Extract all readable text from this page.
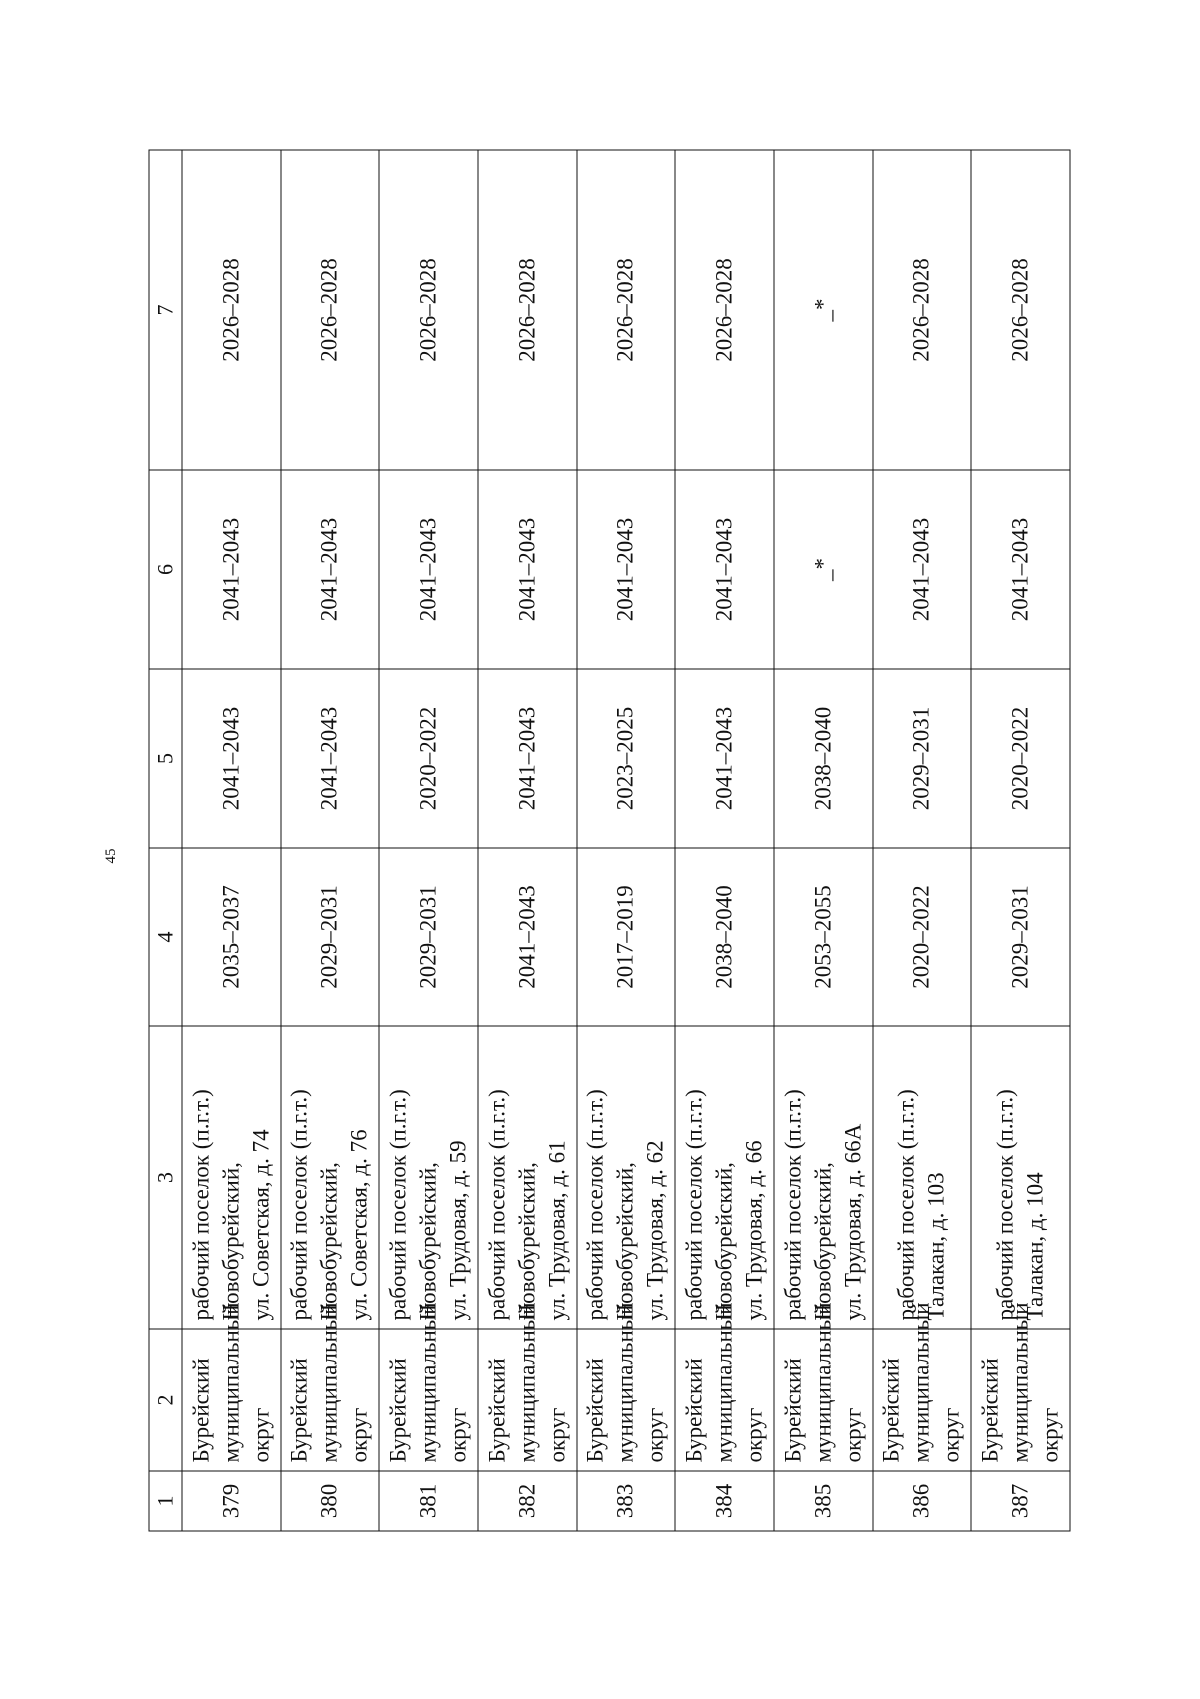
45
1	2	3	4	5	6	7
379	Бурейский муниципальный округ	рабочий поселок (п.г.т.) Новобурейский, ул. Советская, д. 74	2035–2037	2041–2043	2041–2043	2026–2028
380	Бурейский муниципальный округ	рабочий поселок (п.г.т.) Новобурейский, ул. Советская, д. 76	2029–2031	2041–2043	2041–2043	2026–2028
381	Бурейский муниципальный округ	рабочий поселок (п.г.т.) Новобурейский, ул. Трудовая, д. 59	2029–2031	2020–2022	2041–2043	2026–2028
382	Бурейский муниципальный округ	рабочий поселок (п.г.т.) Новобурейский, ул. Трудовая, д. 61	2041–2043	2041–2043	2041–2043	2026–2028
383	Бурейский муниципальный округ	рабочий поселок (п.г.т.) Новобурейский, ул. Трудовая, д. 62	2017–2019	2023–2025	2041–2043	2026–2028
384	Бурейский муниципальный округ	рабочий поселок (п.г.т.) Новобурейский, ул. Трудовая, д. 66	2038–2040	2041–2043	2041–2043	2026–2028
385	Бурейский муниципальный округ	рабочий поселок (п.г.т.) Новобурейский, ул. Трудовая, д. 66А	2053–2055	2038–2040	_*	_*
386	Бурейский муниципальный округ	рабочий поселок (п.г.т.) Талакан, д. 103	2020–2022	2029–2031	2041–2043	2026–2028
387	Бурейский муниципальный округ	рабочий поселок (п.г.т.) Талакан, д. 104	2029–2031	2020–2022	2041–2043	2026–2028
